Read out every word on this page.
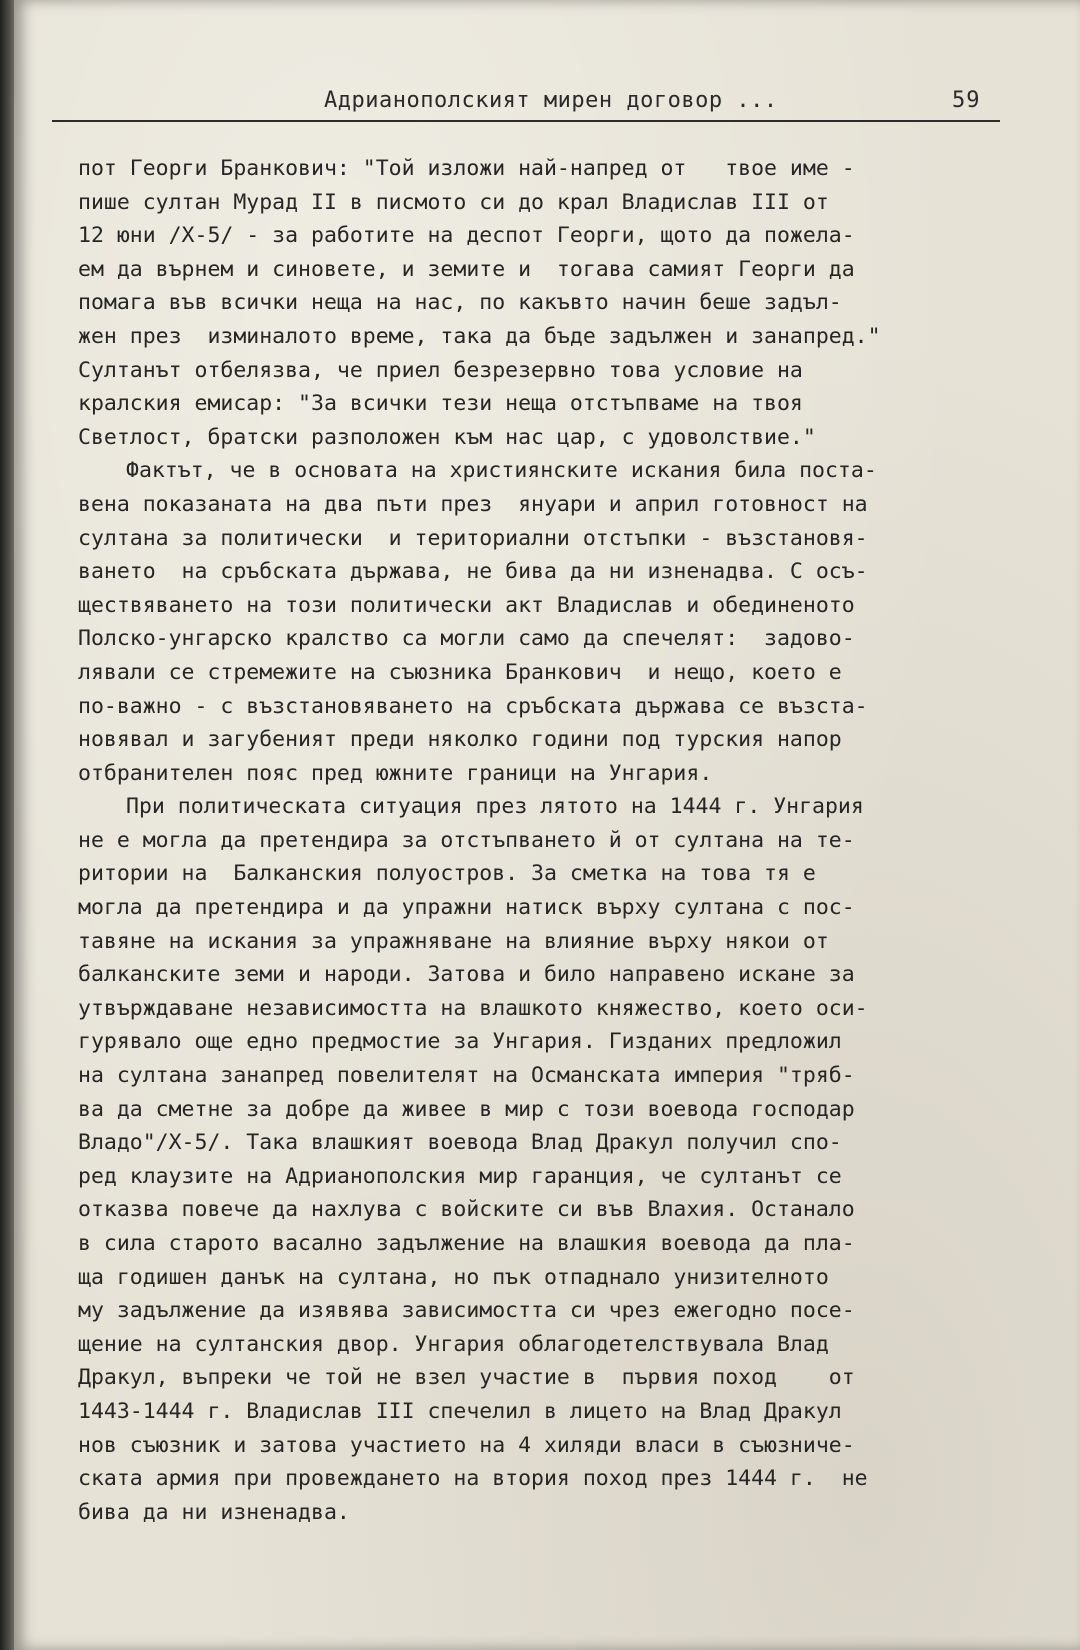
Адрианополският мирен договор ...	59
пот Георги Бранкович: "Той изложи най-напред от   твое име -
пише султан Мурад II в писмото си до крал Владислав III от
12 юни /Х-5/ - за работите на деспот Георги, щото да пожела-
ем да върнем и синовете, и земите и  тогава самият Георги да
помага във всички неща на нас, по какъвто начин беше задъл-
жен през  изминалото време, така да бъде задължен и занапред."
Султанът отбелязва, че приел безрезервно това условие на
кралския емисар: "За всички тези неща отстъпваме на твоя
Светлост, братски разположен към нас цар, с удоволствие."
Фактът, че в основата на християнските искания била поста-
вена показаната на два пъти през  януари и април готовност на
султана за политически  и териториални отстъпки - възстановя-
ването  на сръбската държава, не бива да ни изненадва. С осъ-
ществяването на този политически акт Владислав и обединеното
Полско-унгарско кралство са могли само да спечелят:  задово-
лявали се стремежите на съюзника Бранкович  и нещо, което е
по-важно - с възстановяването на сръбската държава се възста-
новявал и загубеният преди няколко години под турския напор
отбранителен пояс пред южните граници на Унгария.
При политическата ситуация през лятото на 1444 г. Унгария
не е могла да претендира за отстъпването й от султана на те-
ритории на  Балканския полуостров. За сметка на това тя е
могла да претендира и да упражни натиск върху султана с пос-
тавяне на искания за упражняване на влияние върху някои от
балканските земи и народи. Затова и било направено искане за
утвърждаване независимостта на влашкото княжество, което оси-
гурявало още едно предмостие за Унгария. Гизданих предложил
на султана занапред повелителят на Османската империя "тряб-
ва да сметне за добре да живее в мир с този воевода господар
Владо"/Х-5/. Така влашкият воевода Влад Дракул получил спо-
ред клаузите на Адрианополския мир гаранция, че султанът се
отказва повече да нахлува с войските си във Влахия. Останало
в сила старото васално задължение на влашкия воевода да пла-
ща годишен данък на султана, но пък отпаднало унизителното
му задължение да изявява зависимостта си чрез ежегодно посе-
щение на султанския двор. Унгария облагодетелствувала Влад
Дракул, въпреки че той не взел участие в  първия поход    от
1443-1444 г. Владислав III спечелил в лицето на Влад Дракул
нов съюзник и затова участието на 4 хиляди власи в съюзниче-
ската армия при провеждането на втория поход през 1444 г.  не
бива да ни изненадва.
